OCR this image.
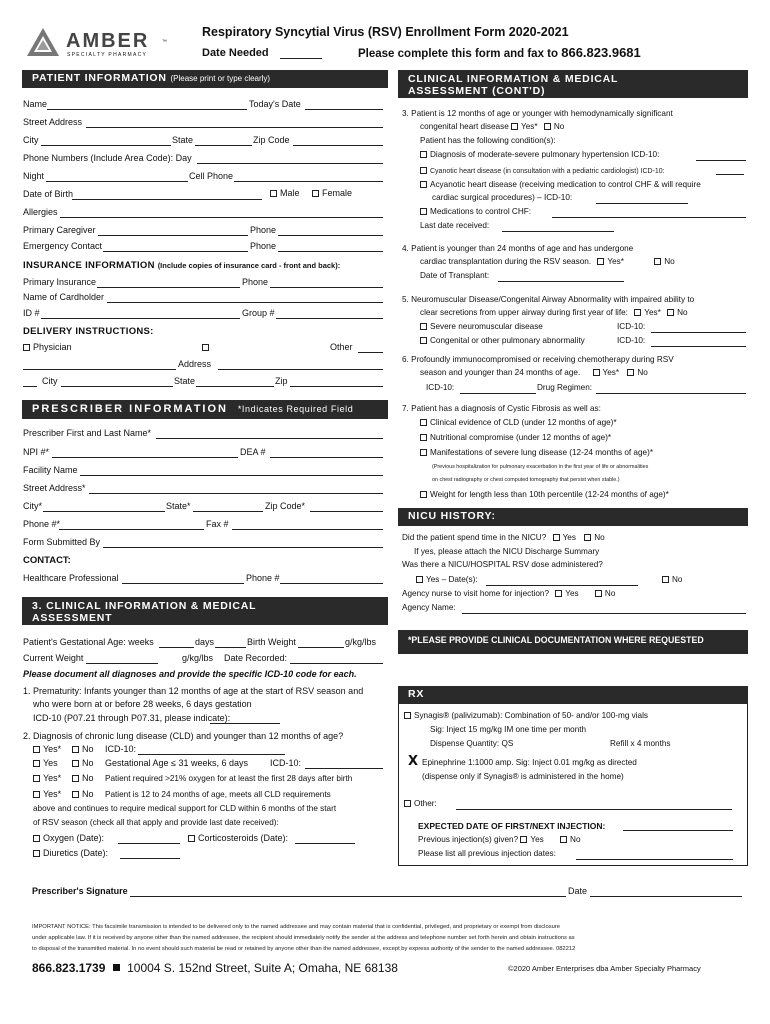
AMBER	™
SPECIALTY PHARMACY
Respiratory Syncytial Virus (RSV) Enrollment Form 2020-2021
Date Needed	Please complete this form and fax to 866.823.9681
PATIENT INFORMATION (Please print or type clearly)
Name	Today's Date
Street Address
City	State	Zip Code
Phone Numbers (Include Area Code): Day
Night	Cell Phone
Date of Birth	Male	Female
Allergies
Primary Caregiver	Phone
Emergency Contact	Phone
INSURANCE INFORMATION (Include copies of insurance card - front and back):
Primary Insurance	Phone
Name of Cardholder
ID #	Group #
DELIVERY INSTRUCTIONS:
Physician	Other
Address
City	State	Zip
PRESCRIBER INFORMATION *Indicates Required Field
Prescriber First and Last Name*
NPI #*	DEA #
Facility Name
Street Address*
City*	State*	Zip Code*
Phone #*	Fax #
Form Submitted By
CONTACT:
Healthcare Professional	Phone #
3. CLINICAL INFORMATION & MEDICAL
ASSESSMENT
Patient's Gestational Age: weeks	days	Birth Weight	g/kg/lbs
Current Weight	g/kg/lbs Date Recorded:
Please document all diagnoses and provide the specific ICD-10 code for each.
1. Prematurity: Infants younger than 12 months of age at the start of RSV season and
who were born at or before 28 weeks, 6 days gestation
ICD-10 (P07.21 through P07.31, please indicate):
2. Diagnosis of chronic lung disease (CLD) and younger than 12 months of age?
Yes*	No ICD-10:
Yes	No Gestational Age ≤ 31 weeks, 6 days ICD-10:
Yes*	No Patient required >21% oxygen for at least the first 28 days after birth
Yes*	No Patient is 12 to 24 months of age, meets all CLD requirements
above and continues to require medical support for CLD within 6 months of the start
of RSV season (check all that apply and provide last date received):
Oxygen (Date):	Corticosteroids (Date):
Diuretics (Date):
CLINICAL INFORMATION & MEDICAL
ASSESSMENT (CONT'D)
3. Patient is 12 months of age or younger with hemodynamically significant
congenital heart disease Yes* No
Patient has the following condition(s):
Diagnosis of moderate-severe pulmonary hypertension ICD-10:
Cyanotic heart disease (in consultation with a pediatric cardiologist) ICD-10:
Acyanotic heart disease (receiving medication to control CHF & will require
cardiac surgical procedures) – ICD-10:
Medications to control CHF:
Last date received:
4. Patient is younger than 24 months of age and has undergone
cardiac transplantation during the RSV season. Yes*	No
Date of Transplant:
5. Neuromuscular Disease/Congenital Airway Abnormality with impaired ability to
clear secretions from upper airway during first year of life: Yes* No
Severe neuromuscular disease	ICD-10:
Congenital or other pulmonary abnormality	ICD-10:
6. Profoundly immunocompromised or receiving chemotherapy during RSV
season and younger than 24 months of age.	Yes* No
ICD-10:	Drug Regimen:
7. Patient has a diagnosis of Cystic Fibrosis as well as:
Clinical evidence of CLD (under 12 months of age)*
Nutritional compromise (under 12 months of age)*
Manifestations of severe lung disease (12-24 months of age)*
(Previous hospitalization for pulmonary exacerbation in the first year of life or abnormalities
on chest radiography or chest computed tomography that persist when stable.)
Weight for length less than 10th percentile (12-24 months of age)*
NICU HISTORY:
Did the patient spend time in the NICU? Yes No
If yes, please attach the NICU Discharge Summary
Was there a NICU/HOSPITAL RSV dose administered?
Yes – Date(s):	No
Agency nurse to visit home for injection? Yes	No
Agency Name:
*PLEASE PROVIDE CLINICAL DOCUMENTATION WHERE REQUESTED
RX
Synagis® (palivizumab): Combination of 50- and/or 100-mg vials
Sig: Inject 15 mg/kg IM one time per month
Dispense Quantity: QS	Refill x 4 months
X Epinephrine 1:1000 amp. Sig: Inject 0.01 mg/kg as directed
(dispense only if Synagis® is administered in the home)
Other:
EXPECTED DATE OF FIRST/NEXT INJECTION:
Previous injection(s) given? Yes	No
Please list all previous injection dates:
Prescriber's Signature	Date
IMPORTANT NOTICE: This facsimile transmission is intended to be delivered only to the named addressee and may contain material that is confidential, privileged, and proprietary or exempt from disclosure
under applicable law. If it is received by anyone other than the named addressee, the recipient should immediately notify the sender at the address and telephone number set forth herein and obtain instructions as
to disposal of the transmitted material. In no event should such material be read or retained by anyone other than the named addressee, except by express authority of the sender to the named addressee. 082212
866.823.1739 10004 S. 152nd Street, Suite A; Omaha, NE 68138	©2020 Amber Enterprises dba Amber Specialty Pharmacy
